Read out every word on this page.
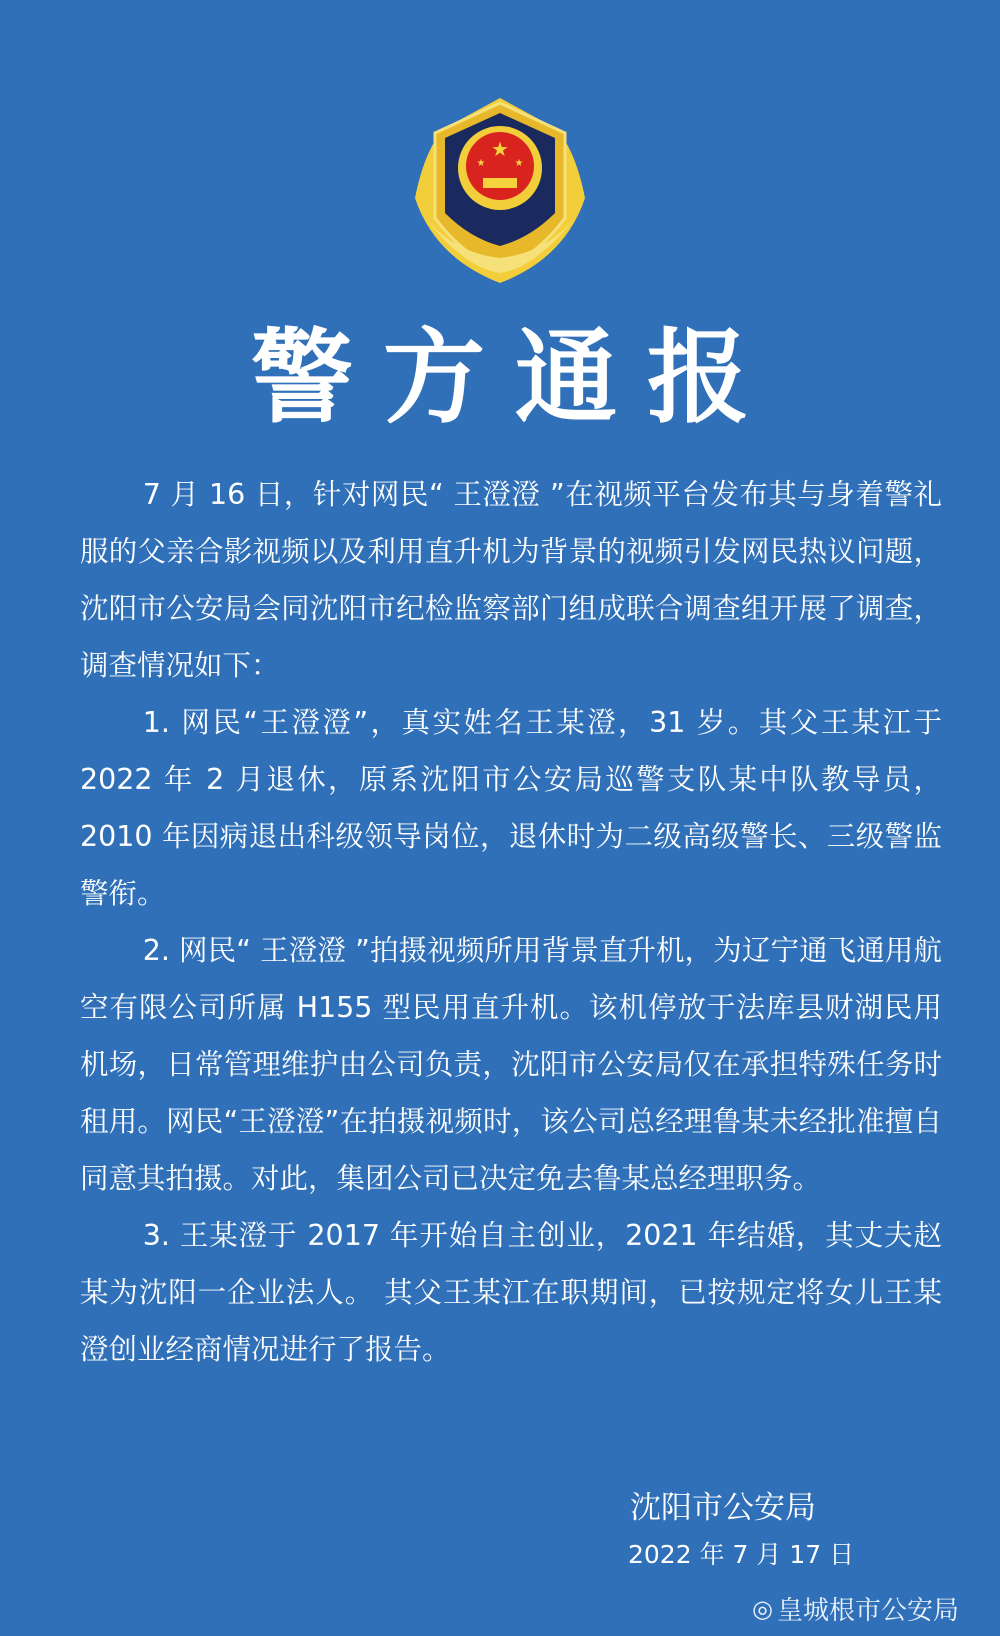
★
★	★
警方通报

7 月 16 日，针对网民“ 王澄澄 ”在视频平台发布其与身着警礼服的父亲合影视频以及利用直升机为背景的视频引发网民热议问题，沈阳市公安局会同沈阳市纪检监察部门组成联合调查组开展了调查，调查情况如下：

1. 网民“王澄澄”，真实姓名王某澄，31 岁。其父王某江于 2022 年 2 月退休，原系沈阳市公安局巡警支队某中队教导员，2010 年因病退出科级领导岗位，退休时为二级高级警长、三级警监警衔。

2. 网民“ 王澄澄 ”拍摄视频所用背景直升机，为辽宁通飞通用航空有限公司所属 H155 型民用直升机。该机停放于法库县财湖民用机场，日常管理维护由公司负责，沈阳市公安局仅在承担特殊任务时租用。网民“王澄澄”在拍摄视频时，该公司总经理鲁某未经批准擅自同意其拍摄。对此，集团公司已决定免去鲁某总经理职务。

3. 王某澄于 2017 年开始自主创业，2021 年结婚，其丈夫赵某为沈阳一企业法人。 其父王某江在职期间，已按规定将女儿王某澄创业经商情况进行了报告。

沈阳市公安局
2022 年 7 月 17 日
◎ 皇城根市公安局
